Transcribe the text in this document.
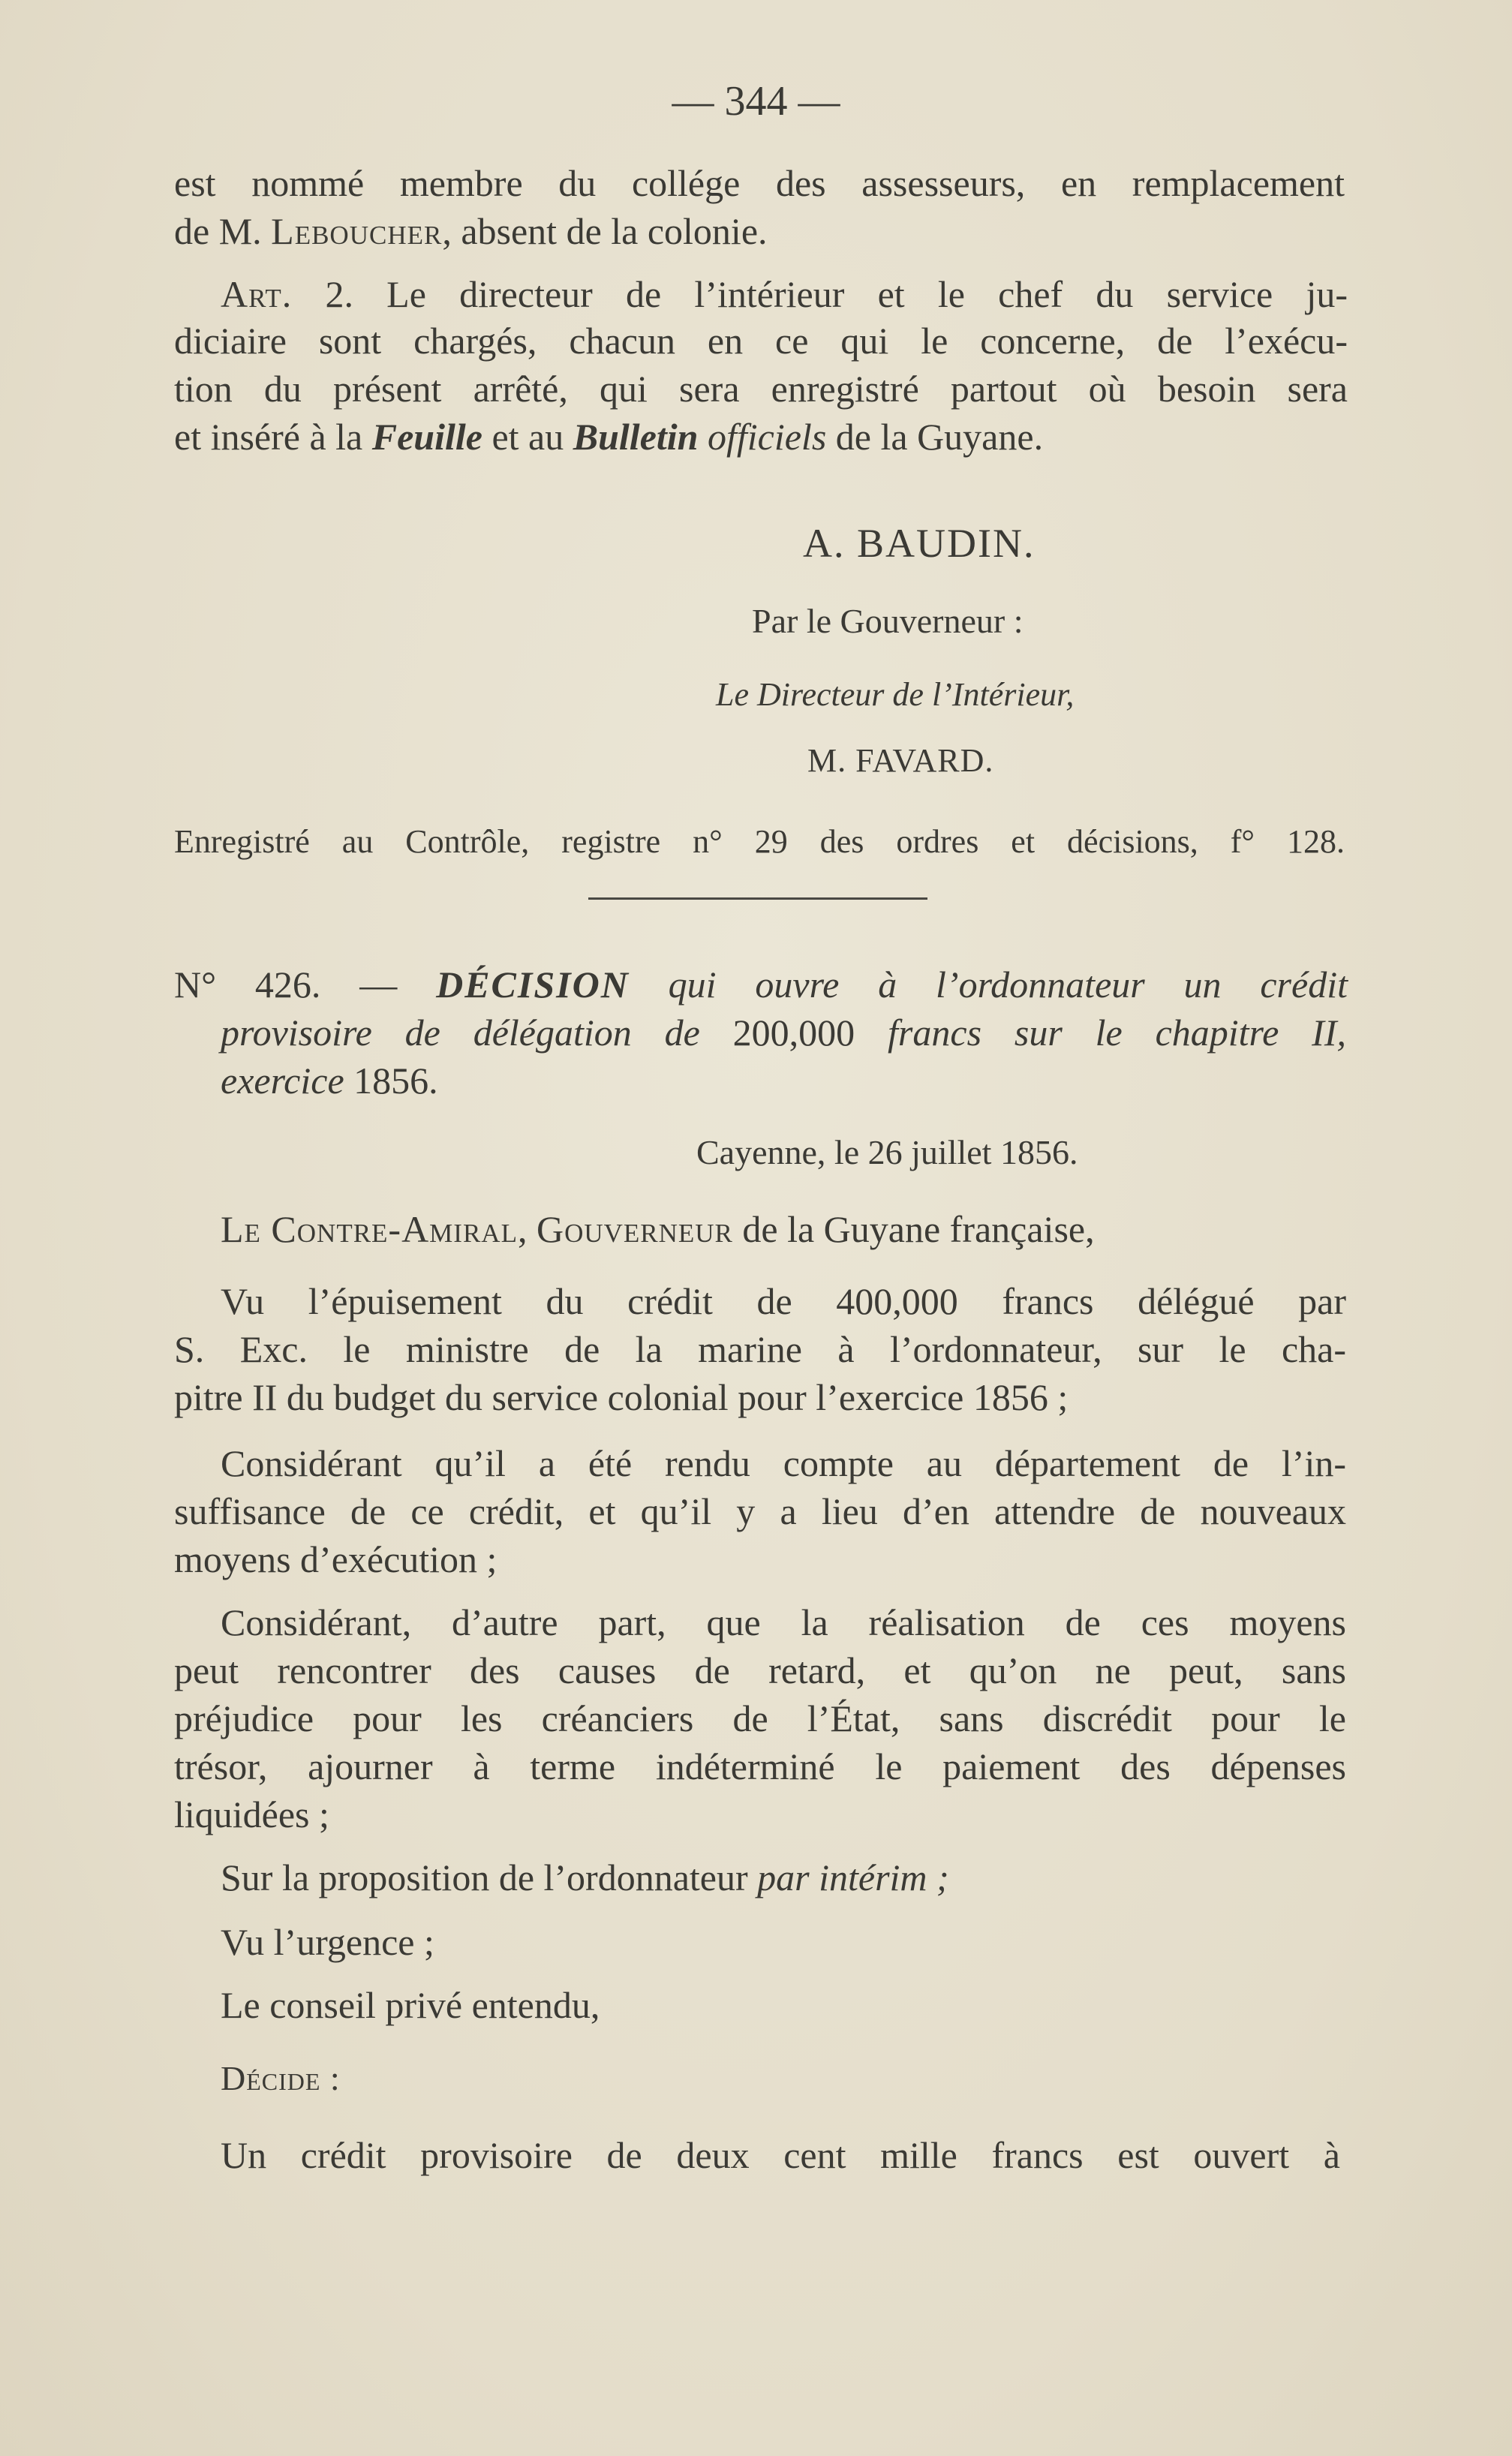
— 344 —
est nommé membre du collége des assesseurs, en remplacement
de M. Leboucher, absent de la colonie.
Art. 2. Le directeur de l’intérieur et le chef du service ju-
diciaire sont chargés, chacun en ce qui le concerne, de l’exécu-
tion du présent arrêté, qui sera enregistré partout où besoin sera
et inséré à la Feuille et au Bulletin officiels de la Guyane.
A. BAUDIN.
Par le Gouverneur :
Le Directeur de l’Intérieur,
M. FAVARD.
Enregistré au Contrôle, registre n° 29 des ordres et décisions, f° 128.
N° 426. — DÉCISION qui ouvre à l’ordonnateur un crédit
provisoire de délégation de 200,000 francs sur le chapitre II,
exercice 1856.
Cayenne, le 26 juillet 1856.
Le Contre-Amiral, Gouverneur de la Guyane française,
Vu l’épuisement du crédit de 400,000 francs délégué par
S. Exc. le ministre de la marine à l’ordonnateur, sur le cha-
pitre II du budget du service colonial pour l’exercice 1856 ;
Considérant qu’il a été rendu compte au département de l’in-
suffisance de ce crédit, et qu’il y a lieu d’en attendre de nouveaux
moyens d’exécution ;
Considérant, d’autre part, que la réalisation de ces moyens
peut rencontrer des causes de retard, et qu’on ne peut, sans
préjudice pour les créanciers de l’État, sans discrédit pour le
trésor, ajourner à terme indéterminé le paiement des dépenses
liquidées ;
Sur la proposition de l’ordonnateur par intérim ;
Vu l’urgence ;
Le conseil privé entendu,
Décide :
Un crédit provisoire de deux cent mille francs est ouvert à
